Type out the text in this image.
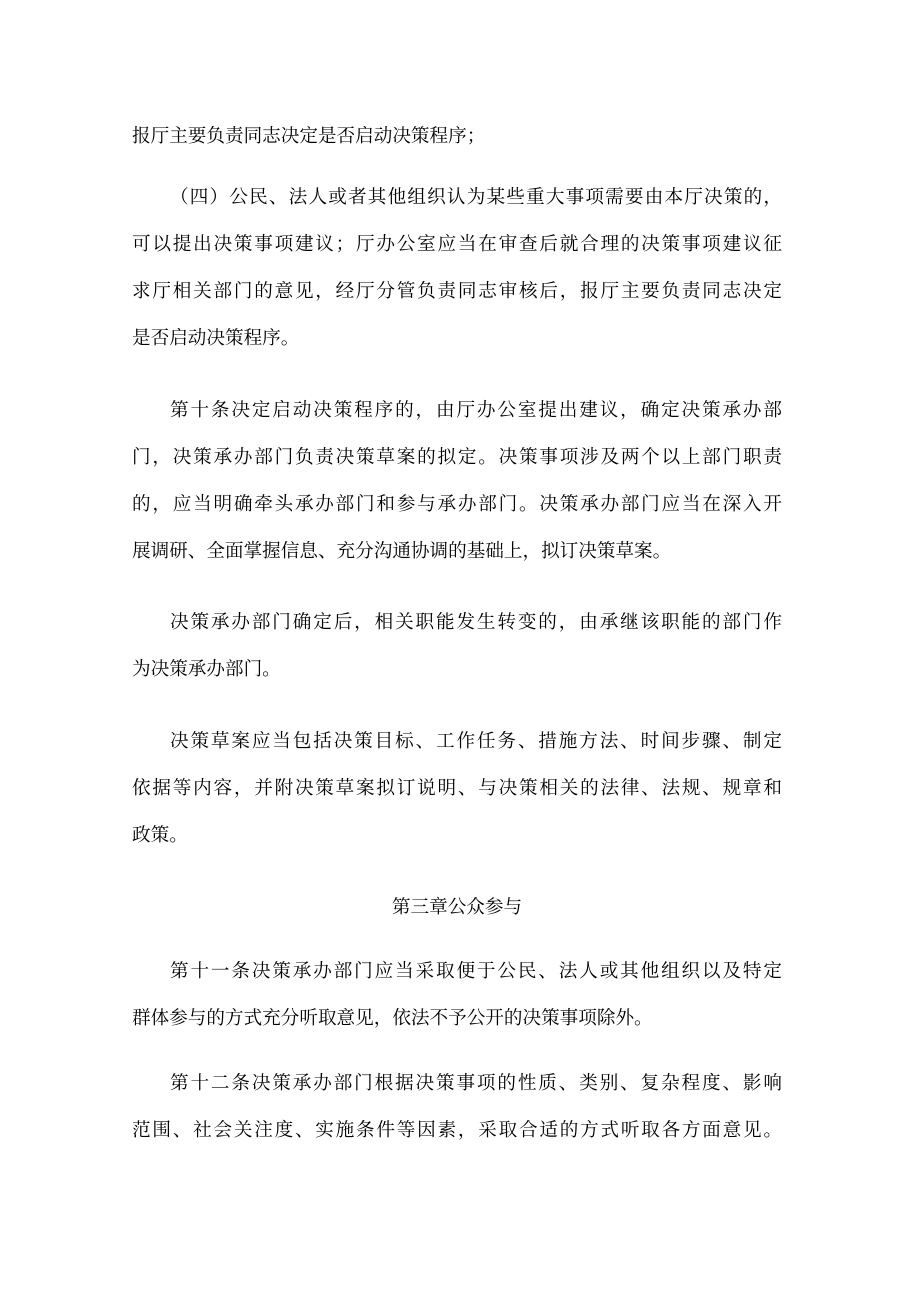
报厅主要负责同志决定是否启动决策程序；
（四）公民、法人或者其他组织认为某些重大事项需要由本厅决策的，
可以提出决策事项建议；厅办公室应当在审查后就合理的决策事项建议征
求厅相关部门的意见，经厅分管负责同志审核后，报厅主要负责同志决定
是否启动决策程序。
第十条决定启动决策程序的，由厅办公室提出建议，确定决策承办部
门，决策承办部门负责决策草案的拟定。决策事项涉及两个以上部门职责
的，应当明确牵头承办部门和参与承办部门。决策承办部门应当在深入开
展调研、全面掌握信息、充分沟通协调的基础上，拟订决策草案。
决策承办部门确定后，相关职能发生转变的，由承继该职能的部门作
为决策承办部门。
决策草案应当包括决策目标、工作任务、措施方法、时间步骤、制定
依据等内容，并附决策草案拟订说明、与决策相关的法律、法规、规章和
政策。
第三章公众参与
第十一条决策承办部门应当采取便于公民、法人或其他组织以及特定
群体参与的方式充分听取意见，依法不予公开的决策事项除外。
第十二条决策承办部门根据决策事项的性质、类别、复杂程度、影响
范围、社会关注度、实施条件等因素，采取合适的方式听取各方面意见。
